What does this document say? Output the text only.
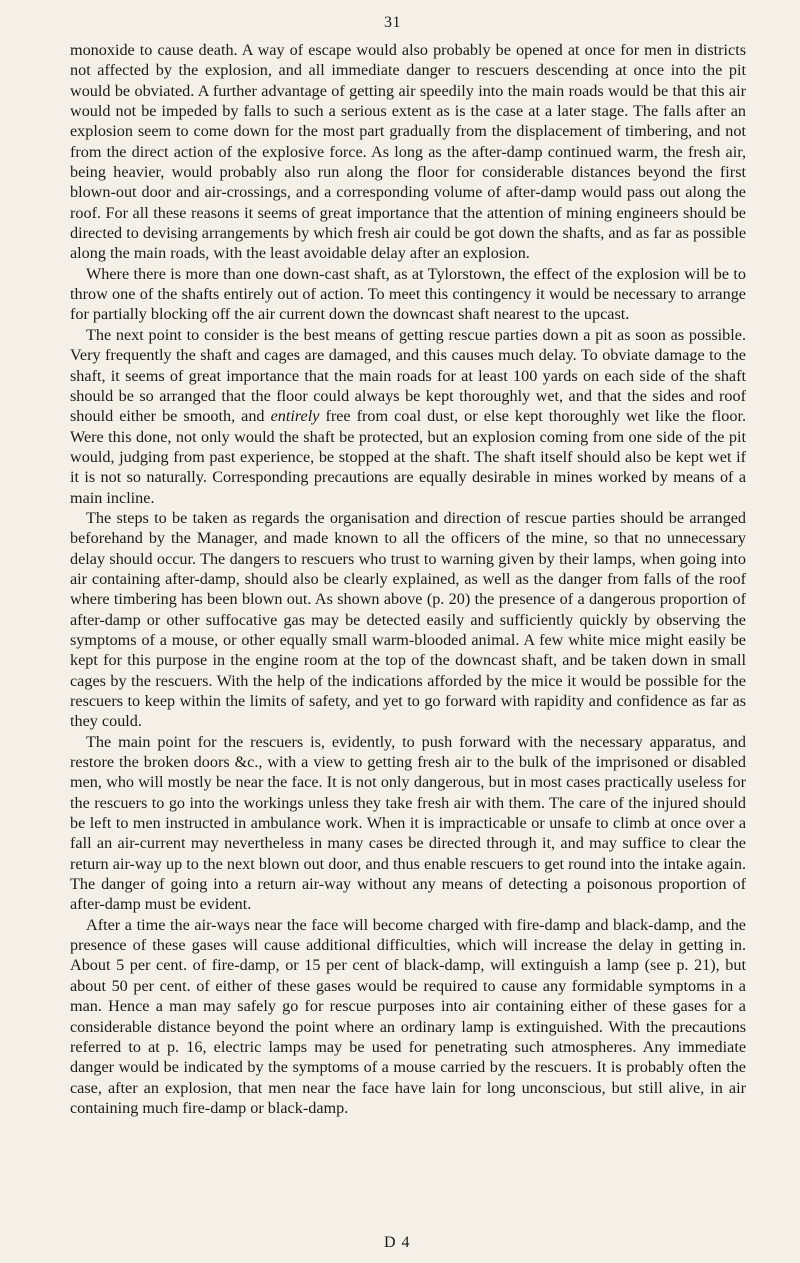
31

monoxide to cause death. A way of escape would also probably be opened at once for men in districts not affected by the explosion, and all immediate danger to rescuers descending at once into the pit would be obviated. A further advantage of getting air speedily into the main roads would be that this air would not be impeded by falls to such a serious extent as is the case at a later stage. The falls after an explosion seem to come down for the most part gradually from the displacement of timbering, and not from the direct action of the explosive force. As long as the after-damp continued warm, the fresh air, being heavier, would probably also run along the floor for considerable distances beyond the first blown-out door and air-crossings, and a corresponding volume of after-damp would pass out along the roof. For all these reasons it seems of great importance that the attention of mining engineers should be directed to devising arrangements by which fresh air could be got down the shafts, and as far as possible along the main roads, with the least avoidable delay after an explosion.

Where there is more than one down-cast shaft, as at Tylorstown, the effect of the explosion will be to throw one of the shafts entirely out of action. To meet this contingency it would be necessary to arrange for partially blocking off the air current down the downcast shaft nearest to the upcast.

The next point to consider is the best means of getting rescue parties down a pit as soon as possible. Very frequently the shaft and cages are damaged, and this causes much delay. To obviate damage to the shaft, it seems of great importance that the main roads for at least 100 yards on each side of the shaft should be so arranged that the floor could always be kept thoroughly wet, and that the sides and roof should either be smooth, and entirely free from coal dust, or else kept thoroughly wet like the floor. Were this done, not only would the shaft be protected, but an explosion coming from one side of the pit would, judging from past experience, be stopped at the shaft. The shaft itself should also be kept wet if it is not so naturally. Corresponding precautions are equally desirable in mines worked by means of a main incline.

The steps to be taken as regards the organisation and direction of rescue parties should be arranged beforehand by the Manager, and made known to all the officers of the mine, so that no unnecessary delay should occur. The dangers to rescuers who trust to warning given by their lamps, when going into air containing after-damp, should also be clearly explained, as well as the danger from falls of the roof where timbering has been blown out. As shown above (p. 20) the presence of a dangerous proportion of after-damp or other suffocative gas may be detected easily and sufficiently quickly by observing the symptoms of a mouse, or other equally small warm-blooded animal. A few white mice might easily be kept for this purpose in the engine room at the top of the downcast shaft, and be taken down in small cages by the rescuers. With the help of the indications afforded by the mice it would be possible for the rescuers to keep within the limits of safety, and yet to go forward with rapidity and confidence as far as they could.

The main point for the rescuers is, evidently, to push forward with the necessary apparatus, and restore the broken doors &c., with a view to getting fresh air to the bulk of the imprisoned or disabled men, who will mostly be near the face. It is not only dangerous, but in most cases practically useless for the rescuers to go into the workings unless they take fresh air with them. The care of the injured should be left to men instructed in ambulance work. When it is impracticable or unsafe to climb at once over a fall an air-current may nevertheless in many cases be directed through it, and may suffice to clear the return air-way up to the next blown out door, and thus enable rescuers to get round into the intake again. The danger of going into a return air-way without any means of detecting a poisonous proportion of after-damp must be evident.

After a time the air-ways near the face will become charged with fire-damp and black-damp, and the presence of these gases will cause additional difficulties, which will increase the delay in getting in. About 5 per cent. of fire-damp, or 15 per cent of black-damp, will extinguish a lamp (see p. 21), but about 50 per cent. of either of these gases would be required to cause any formidable symptoms in a man. Hence a man may safely go for rescue purposes into air containing either of these gases for a considerable distance beyond the point where an ordinary lamp is extinguished. With the precautions referred to at p. 16, electric lamps may be used for penetrating such atmospheres. Any immediate danger would be indicated by the symptoms of a mouse carried by the rescuers. It is probably often the case, after an explosion, that men near the face have lain for long unconscious, but still alive, in air containing much fire-damp or black-damp.

D 4
